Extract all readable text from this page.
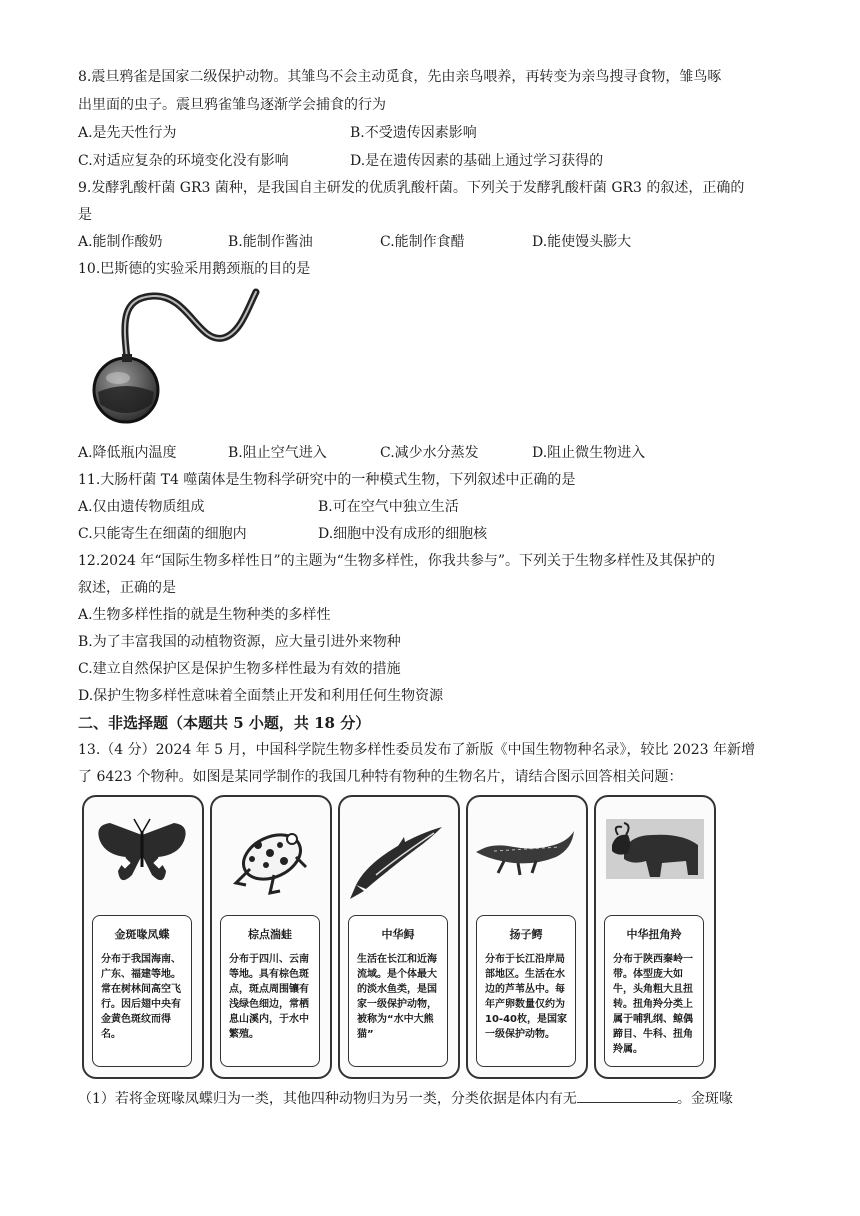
8.震旦鸦雀是国家二级保护动物。其雏鸟不会主动觅食，先由亲鸟喂养，再转变为亲鸟搜寻食物，雏鸟啄
出里面的虫子。震旦鸦雀雏鸟逐渐学会捕食的行为
A.是先天性行为	B.不受遗传因素影响
C.对适应复杂的环境变化没有影响	D.是在遗传因素的基础上通过学习获得的
9.发酵乳酸杆菌 GR3 菌种，是我国自主研发的优质乳酸杆菌。下列关于发酵乳酸杆菌 GR3 的叙述，正确的
是
A.能制作酸奶	B.能制作酱油	C.能制作食醋	D.能使馒头膨大
10.巴斯德的实验采用鹅颈瓶的目的是
A.降低瓶内温度	B.阻止空气进入	C.减少水分蒸发	D.阻止微生物进入
11.大肠杆菌 T4 噬菌体是生物科学研究中的一种模式生物，下列叙述中正确的是
A.仅由遗传物质组成	B.可在空气中独立生活
C.只能寄生在细菌的细胞内	D.细胞中没有成形的细胞核
12.2024 年“国际生物多样性日”的主题为“生物多样性，你我共参与”。下列关于生物多样性及其保护的
叙述，正确的是
A.生物多样性指的就是生物种类的多样性
B.为了丰富我国的动植物资源，应大量引进外来物种
C.建立自然保护区是保护生物多样性最为有效的措施
D.保护生物多样性意味着全面禁止开发和利用任何生物资源
二、非选择题（本题共 5 小题，共 18 分）
13.（4 分）2024 年 5 月，中国科学院生物多样性委员发布了新版《中国生物物种名录》，较比 2023 年新增
了 6423 个物种。如图是某同学制作的我国几种特有物种的生物名片，请结合图示回答相关问题：
金斑喙凤蝶
分布于我国海南、广东、福建等地。常在树林间高空飞行。因后翅中央有金黄色斑纹而得名。
棕点湍蛙
分布于四川、云南等地。具有棕色斑点，斑点周围镶有浅绿色细边，常栖息山溪内，于水中繁殖。
中华鲟
生活在长江和近海流域。是个体最大的淡水鱼类，是国家一级保护动物，被称为“水中大熊猫”
扬子鳄
分布于长江沿岸局部地区。生活在水边的芦苇丛中。每年产卵数量仅约为10-40枚，是国家一级保护动物。
中华扭角羚
分布于陕西秦岭一带。体型庞大如牛，头角粗大且扭转。扭角羚分类上属于哺乳纲、鲸偶蹄目、牛科、扭角羚属。
（1）若将金斑喙凤蝶归为一类，其他四种动物归为另一类，分类依据是体内有无	。金斑喙
